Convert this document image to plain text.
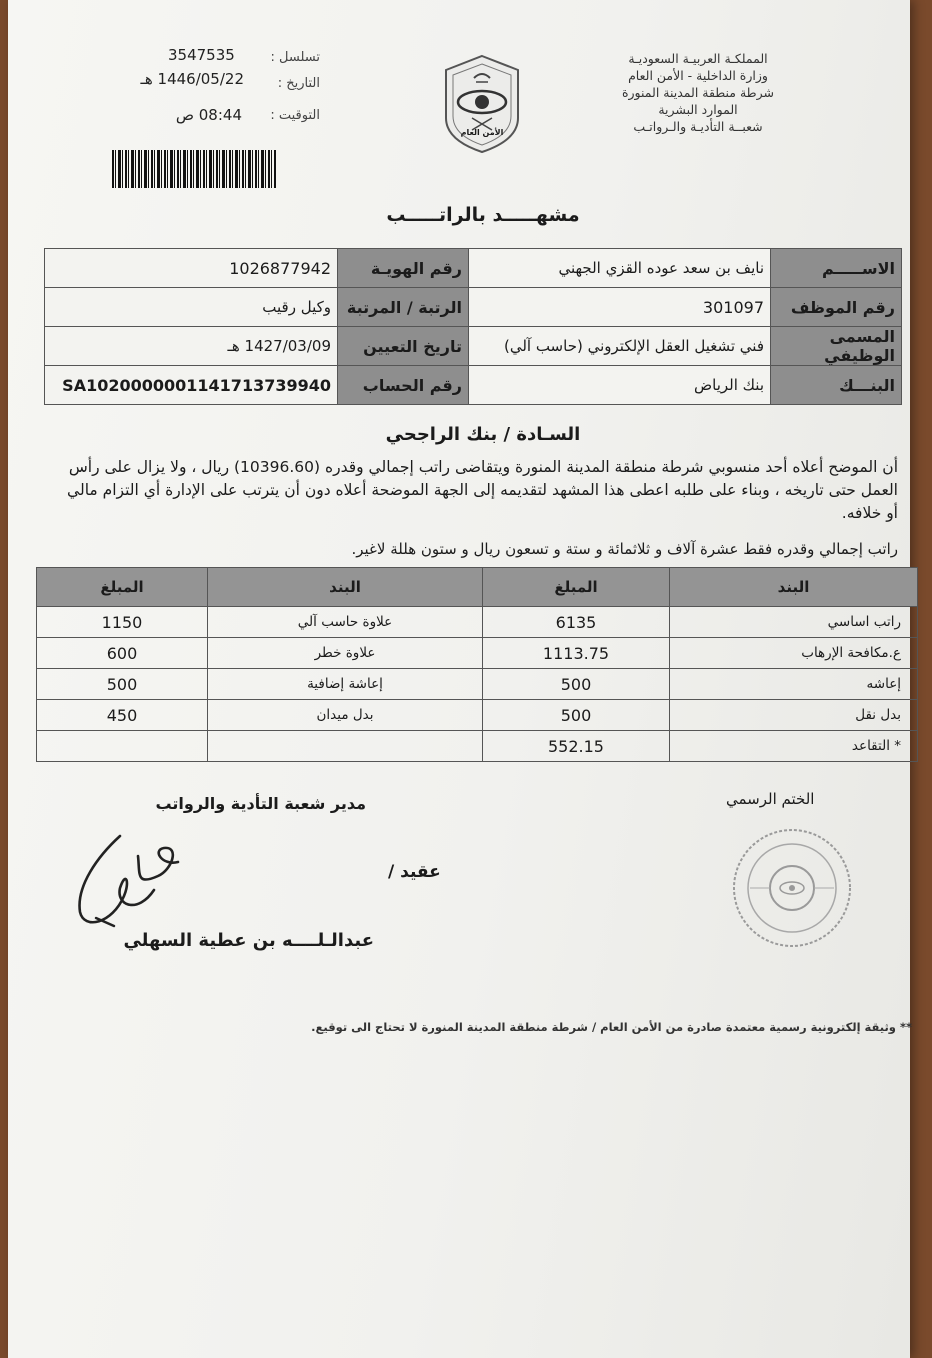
المملكـة العربيـة السعوديـة
وزارة الداخلية - الأمن العام
شرطة منطقة المدينة المنورة
الموارد البشرية
شعبــة التأديـة والـرواتـب
الأمن العام
تسلسل :
3547535
التاريخ :
1446/05/22 هـ
التوقيت :
08:44 ص
مشهـــــد بالراتـــــب
1026877942	رقم الهويـة	نايف بن سعد عوده القزي الجهني	الاســـــم
وكيل رقيب	الرتبة / المرتبة	301097	رقم الموظف
1427/03/09 هـ	تاريخ التعيين	فني تشغيل العقل الإلكتروني (حاسب آلي)	المسمى الوظيفي
SA1020000001141713739940	رقم الحساب	بنك الرياض	البنـــك
السـادة / بنك الراجحي
أن الموضح أعلاه أحد منسوبي شرطة منطقة المدينة المنورة ويتقاضى راتب إجمالي وقدره (10396.60) ريال ، ولا يزال على رأس العمل حتى تاريخه ، وبناء على طلبه اعطى هذا المشهد لتقديمه إلى الجهة الموضحة أعلاه دون أن يترتب على الإدارة أي التزام مالي أو خلافه.
راتب إجمالي وقدره فقط عشرة آلاف و ثلاثمائة و ستة و تسعون ريال و ستون هللة لاغير.
المبلغ	البند	المبلغ	البند
1150	علاوة حاسب آلي	6135	راتب اساسي
600	علاوة خطر	1113.75	ع.مكافحة الإرهاب
500	إعاشة إضافية	500	إعاشه
450	بدل ميدان	500	بدل نقل
		552.15	* التقاعد
الختم الرسمي
مدير شعبة التأدية والرواتب
عقيد /
عبدالـلــــه بن عطية السهلي
** وثيقة إلكترونية رسمية معتمدة صادرة من الأمن العام / شرطة منطقة المدينة المنورة لا تحتاج الى توقيع.
